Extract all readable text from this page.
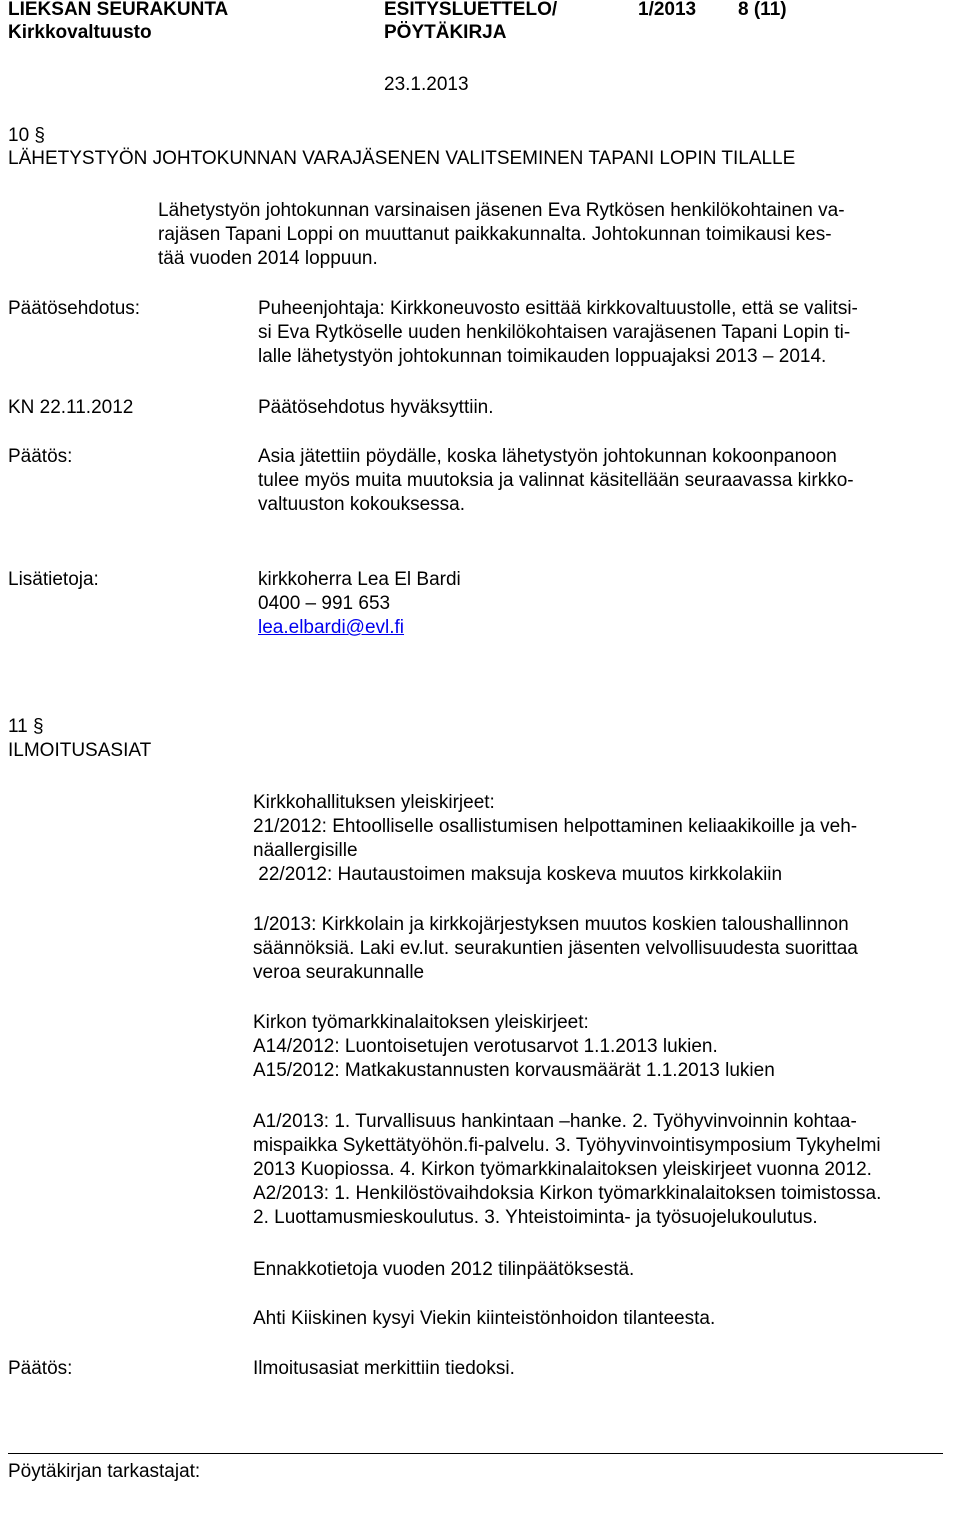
LIEKSAN SEURAKUNTA
Kirkkovaltuusto
ESITYSLUETTELO/
PÖYTÄKIRJA
1/2013 8 (11)
23.1.2013
10 §
LÄHETYSTYÖN JOHTOKUNNAN VARAJÄSENEN VALITSEMINEN TAPANI LOPIN TILALLE
Lähetystyön johtokunnan varsinaisen jäsenen Eva Rytkösen henkilökohtainen va-
rajäsen Tapani Loppi on muuttanut paikkakunnalta. Johtokunnan toimikausi kes-
tää vuoden 2014 loppuun.
Päätösehdotus:	Puheenjohtaja: Kirkkoneuvosto esittää kirkkovaltuustolle, että se valitsi-
si Eva Rytköselle uuden henkilökohtaisen varajäsenen Tapani Lopin ti-
lalle lähetystyön johtokunnan toimikauden loppuajaksi 2013 – 2014.
KN 22.11.2012	Päätösehdotus hyväksyttiin.
Päätös:	Asia jätettiin pöydälle, koska lähetystyön johtokunnan kokoonpanoon
tulee myös muita muutoksia ja valinnat käsitellään seuraavassa kirkko-
valtuuston kokouksessa.
Lisätietoja:	kirkkoherra Lea El Bardi
0400 – 991 653
lea.elbardi@evl.fi
11 §
ILMOITUSASIAT
Kirkkohallituksen yleiskirjeet:
21/2012: Ehtoolliselle osallistumisen helpottaminen keliaakikoille ja veh-
näallergisille
22/2012: Hautaustoimen maksuja koskeva muutos kirkkolakiin
1/2013: Kirkkolain ja kirkkojärjestyksen muutos koskien taloushallinnon
säännöksiä. Laki ev.lut. seurakuntien jäsenten velvollisuudesta suorittaa
veroa seurakunnalle
Kirkon työmarkkinalaitoksen yleiskirjeet:
A14/2012: Luontoisetujen verotusarvot 1.1.2013 lukien.
A15/2012: Matkakustannusten korvausmäärät 1.1.2013 lukien
A1/2013: 1. Turvallisuus hankintaan –hanke. 2. Työhyvinvoinnin kohtaa-
mispaikka Sykettätyöhön.fi-palvelu. 3. Työhyvinvointisymposium Tykyhelmi
2013 Kuopiossa. 4. Kirkon työmarkkinalaitoksen yleiskirjeet vuonna 2012.
A2/2013: 1. Henkilöstövaihdoksia Kirkon työmarkkinalaitoksen toimistossa.
2. Luottamusmieskoulutus. 3. Yhteistoiminta- ja työsuojelukoulutus.
Ennakkotietoja vuoden 2012 tilinpäätöksestä.
Ahti Kiiskinen kysyi Viekin kiinteistönhoidon tilanteesta.
Päätös:	Ilmoitusasiat merkittiin tiedoksi.
Pöytäkirjan tarkastajat:
